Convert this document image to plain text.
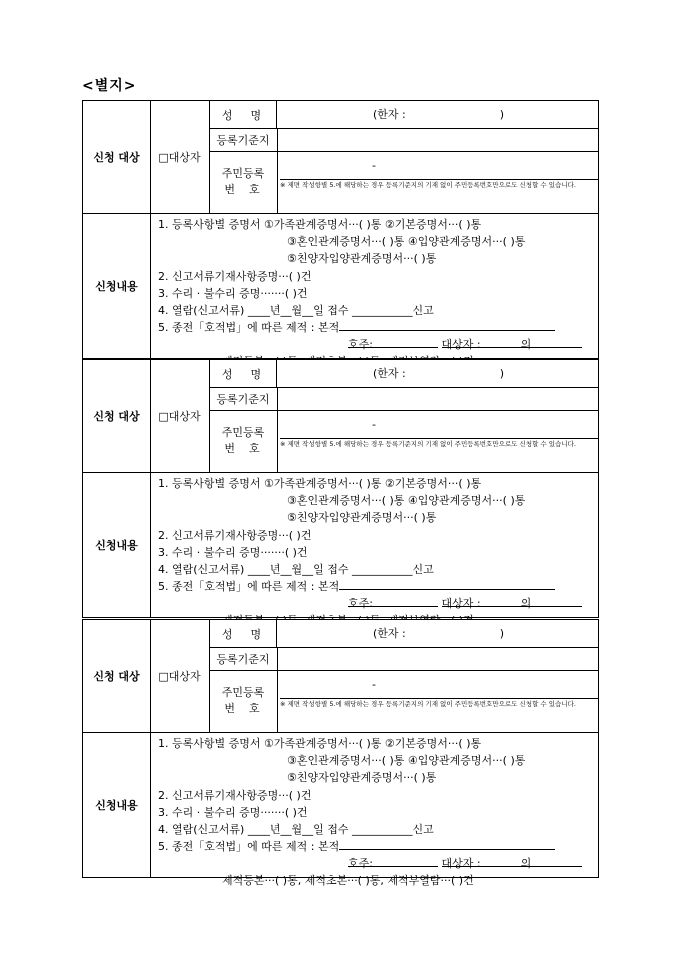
<별지>
신청 대상	□대상자
성명	(한자 :	)
등록기준지
주민등록
번호
-
※ 제면 작성항별 5.에 해당하는 경우 등록기준지의 기재 없이 주민등록번호만으로도 신청할 수 있습니다.
신청내용
1. 등록사항별 증명서 ①가족관계증명서···( )통 ②기본증명서···( )통
③혼인관계증명서···( )통 ④입양관계증명서···( )통
⑤친양자입양관계증명서···( )통
2. 신고서류기재사항증명···( )건
3. 수리 · 불수리 증명·······( )건
4. 열람(신고서류) ____년__월__일 접수 ___________신고
5. 종전「호적법」에 따른 제적 : 본적
호주:	대상자 :	의
신청 대상	□대상자
성명	(한자 :	)
등록기준지
주민등록
번호
-
※ 제면 작성항별 5.에 해당하는 경우 등록기준지의 기재 없이 주민등록번호만으로도 신청할 수 있습니다.
신청내용
1. 등록사항별 증명서 ①가족관계증명서···( )통 ②기본증명서···( )통
③혼인관계증명서···( )통 ④입양관계증명서···( )통
⑤친양자입양관계증명서···( )통
2. 신고서류기재사항증명···( )건
3. 수리 · 불수리 증명·······( )건
4. 열람(신고서류) ____년__월__일 접수 ___________신고
5. 종전「호적법」에 따른 제적 : 본적
호주:	대상자 :	의
신청 대상	□대상자
성명	(한자 :	)
등록기준지
주민등록
번호
-
※ 제면 작성항별 5.에 해당하는 경우 등록기준지의 기재 없이 주민등록번호만으로도 신청할 수 있습니다.
신청내용
1. 등록사항별 증명서 ①가족관계증명서···( )통 ②기본증명서···( )통
③혼인관계증명서···( )통 ④입양관계증명서···( )통
⑤친양자입양관계증명서···( )통
2. 신고서류기재사항증명···( )건
3. 수리 · 불수리 증명·······( )건
4. 열람(신고서류) ____년__월__일 접수 ___________신고
5. 종전「호적법」에 따른 제적 : 본적
호주:	대상자 :	의
제적등본···( )통, 제적초본···( )통, 제적부열람···( )건
